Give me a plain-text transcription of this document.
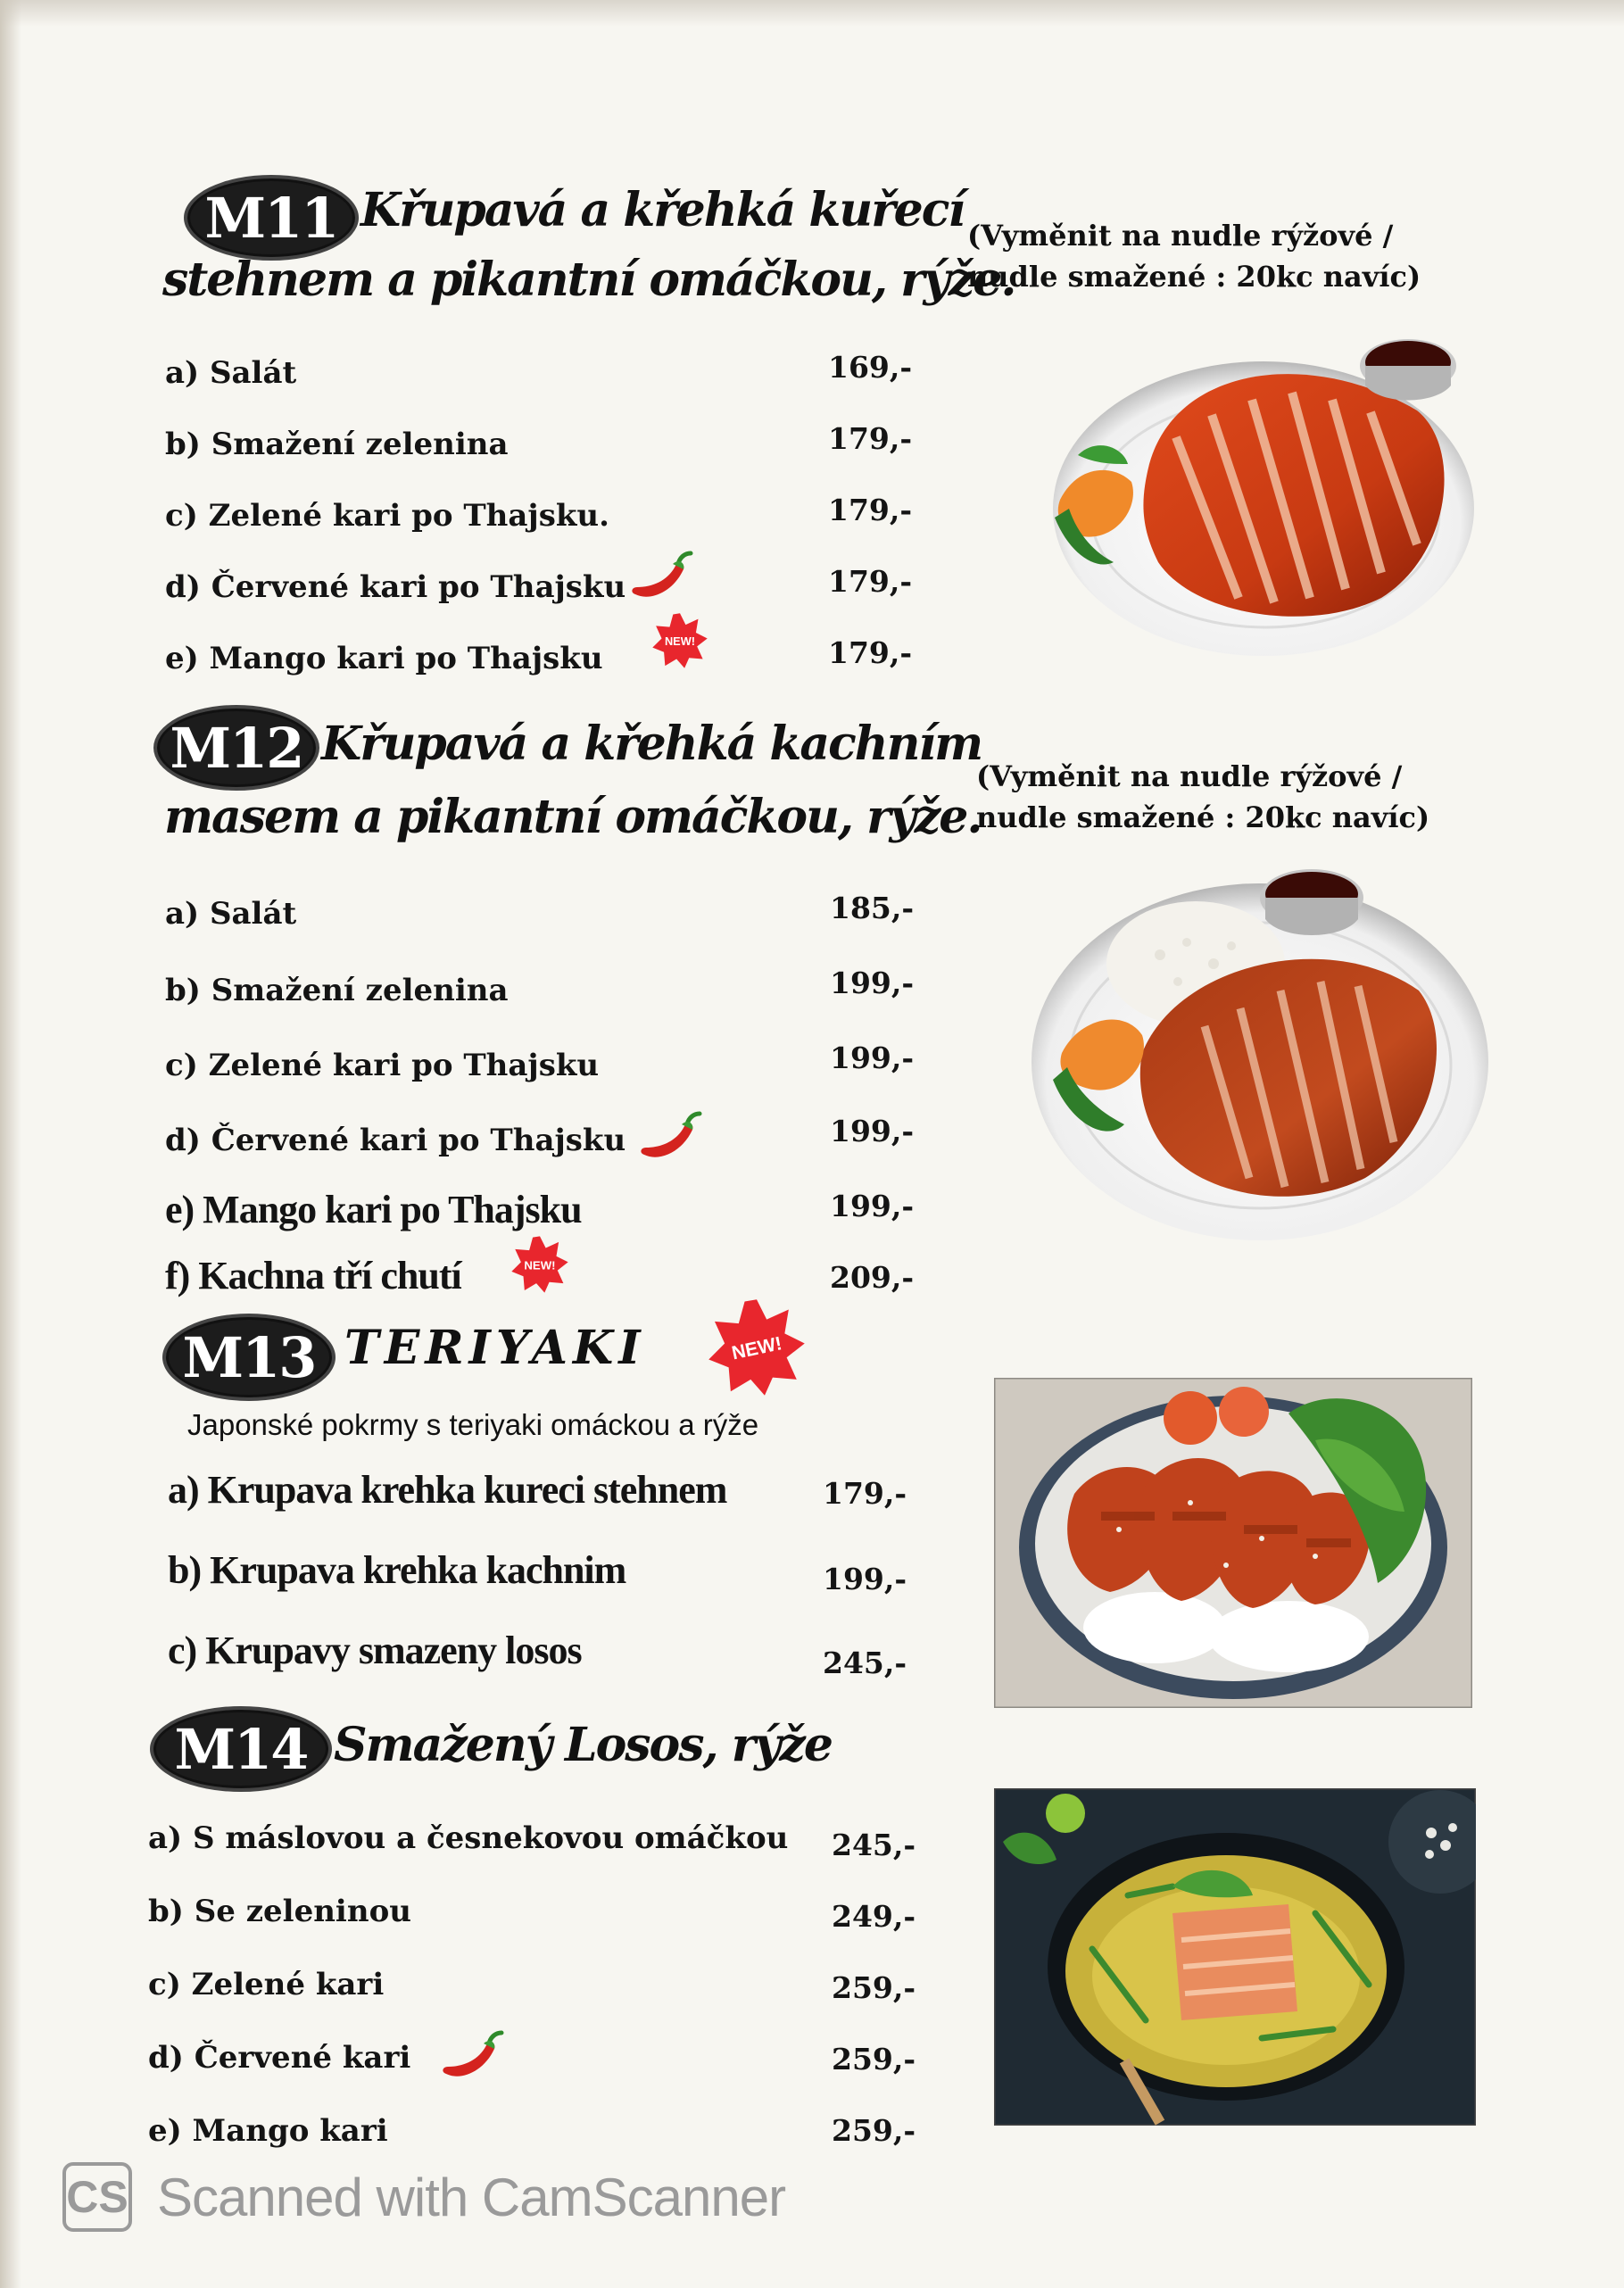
M11 Křupavá a křehká kuřecí
stehnem a pikantní omáčkou, rýže.
(Vyměnit na nudle rýžové /
nudle smažené : 20kc navíc)
a) Salát	169,-
b) Smažení zelenina	179,-
c) Zelené kari po Thajsku.	179,-
d) Červené kari po Thajsku	179,-
e) Mango kari po Thajsku	179,-
NEW!
M12 Křupavá a křehká kachním
masem a pikantní omáčkou, rýže.
(Vyměnit na nudle rýžové /
nudle smažené : 20kc navíc)
a) Salát	185,-
b) Smažení zelenina	199,-
c) Zelené kari po Thajsku	199,-
d) Červené kari po Thajsku	199,-
e) Mango kari po Thajsku	199,-
f) Kachna tří chutí	209,-
NEW!
M13 TERIYAKI	NEW!
Japonské pokrmy s teriyaki omáckou a rýže
a) Krupava krehka kureci stehnem	179,-
b) Krupava krehka kachnim	199,-
c) Krupavy smazeny losos	245,-
M14 Smažený Losos, rýže
a) S máslovou a česnekovou omáčkou 245,-
b) Se zeleninou	249,-
c) Zelené kari	259,-
d) Červené kari	259,-
e) Mango kari	259,-
CS Scanned with CamScanner
